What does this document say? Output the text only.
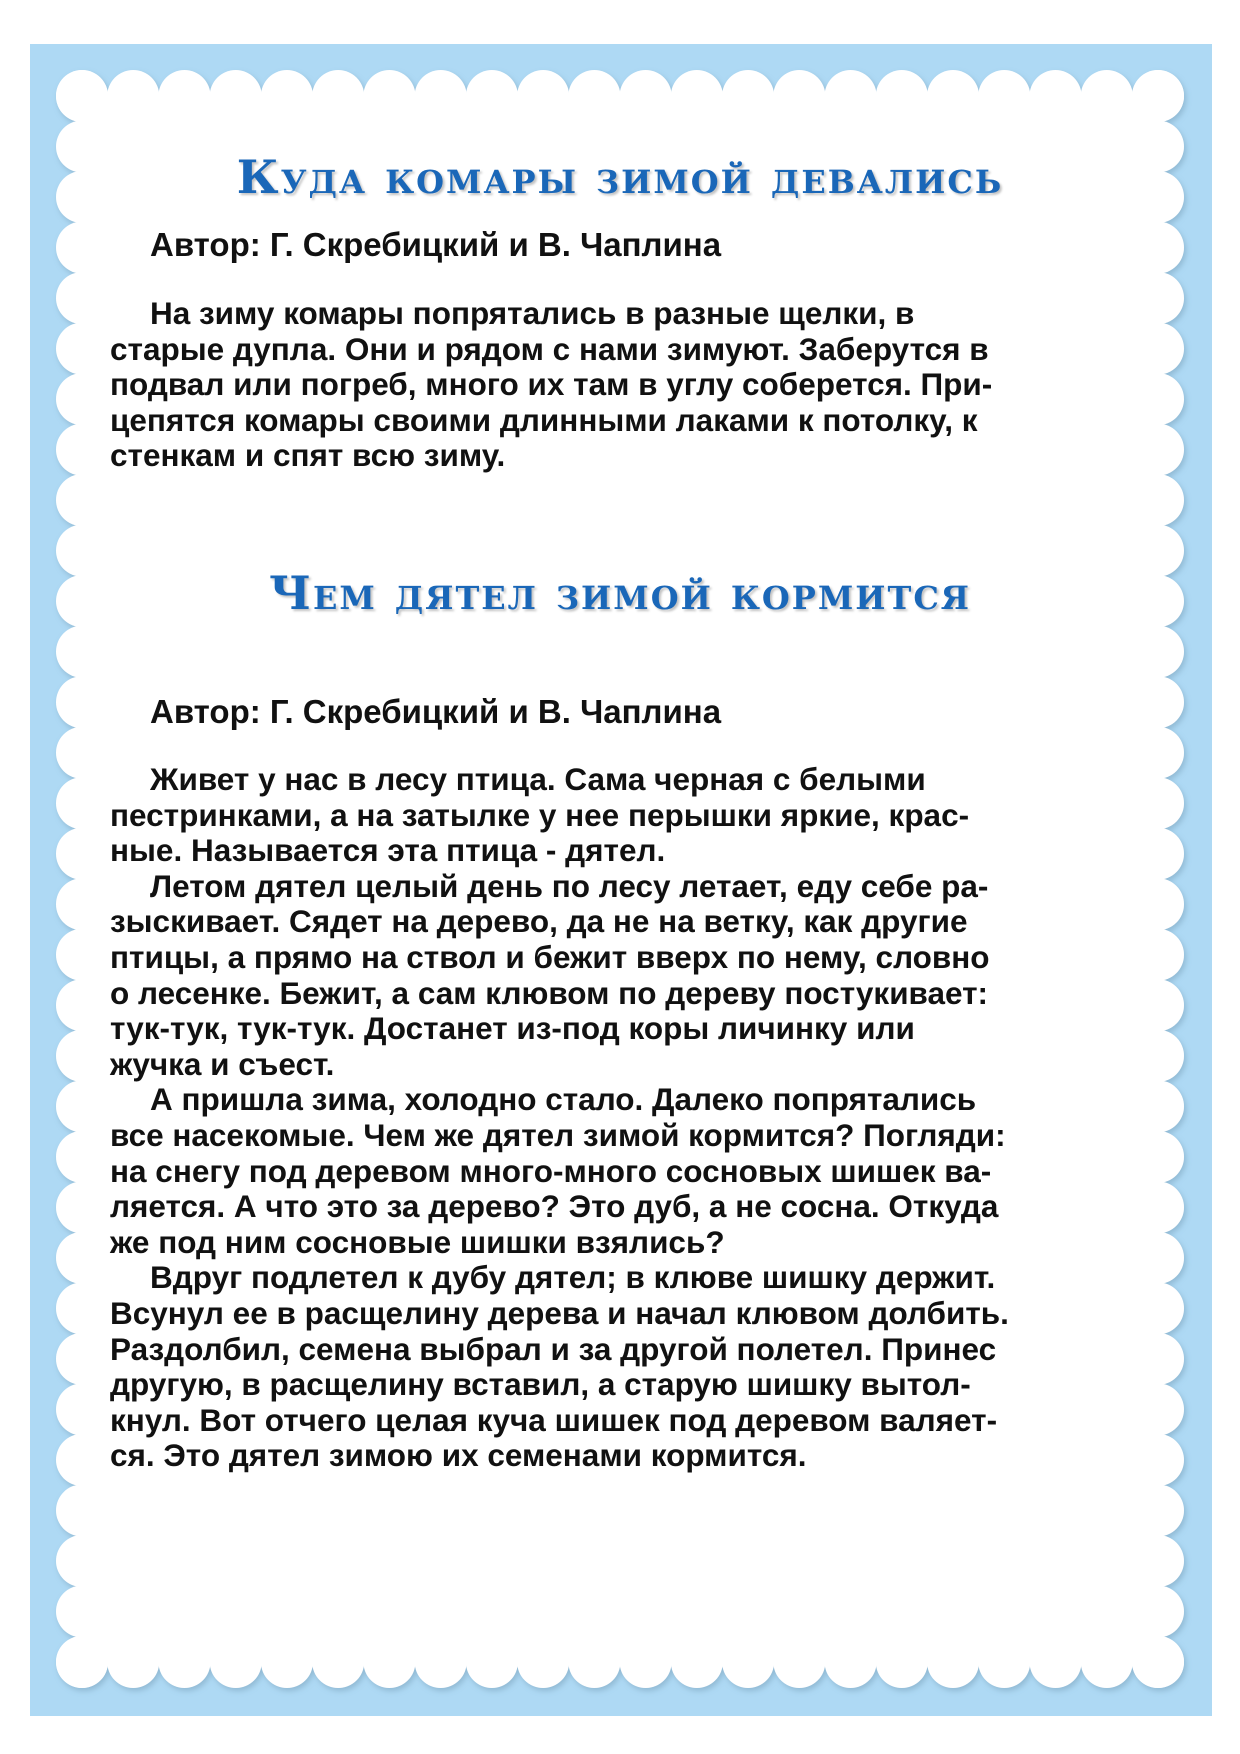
Куда комары зимой девались

Автор: Г. Скребицкий и В. Чаплина

На зиму комары попрятались в разные щелки, в
старые дупла. Они и рядом с нами зимуют. Заберутся в
подвал или погреб, много их там в углу соберется. При-
цепятся комары своими длинными лаками к потолку, к
стенкам и спят всю зиму.

Чем дятел зимой кормится

Автор: Г. Скребицкий и В. Чаплина

Живет у нас в лесу птица. Сама черная с белыми
пестринками, а на затылке у нее перышки яркие, крас-
ные. Называется эта птица - дятел.

Летом дятел целый день по лесу летает, еду себе ра-
зыскивает. Сядет на дерево, да не на ветку, как другие
птицы, а прямо на ствол и бежит вверх по нему, словно
о лесенке. Бежит, а сам клювом по дереву постукивает:
тук-тук, тук-тук. Достанет из-под коры личинку или
жучка и съест.

А пришла зима, холодно стало. Далеко попрятались
все насекомые. Чем же дятел зимой кормится? Погляди:
на снегу под деревом много-много сосновых шишек ва-
ляется. А что это за дерево? Это дуб, а не сосна. Откуда
же под ним сосновые шишки взялись?

Вдруг подлетел к дубу дятел; в клюве шишку держит.
Всунул ее в расщелину дерева и начал клювом долбить.
Раздолбил, семена выбрал и за другой полетел. Принес
другую, в расщелину вставил, а старую шишку вытол-
кнул. Вот отчего целая куча шишек под деревом валяет-
ся. Это дятел зимою их семенами кормится.
